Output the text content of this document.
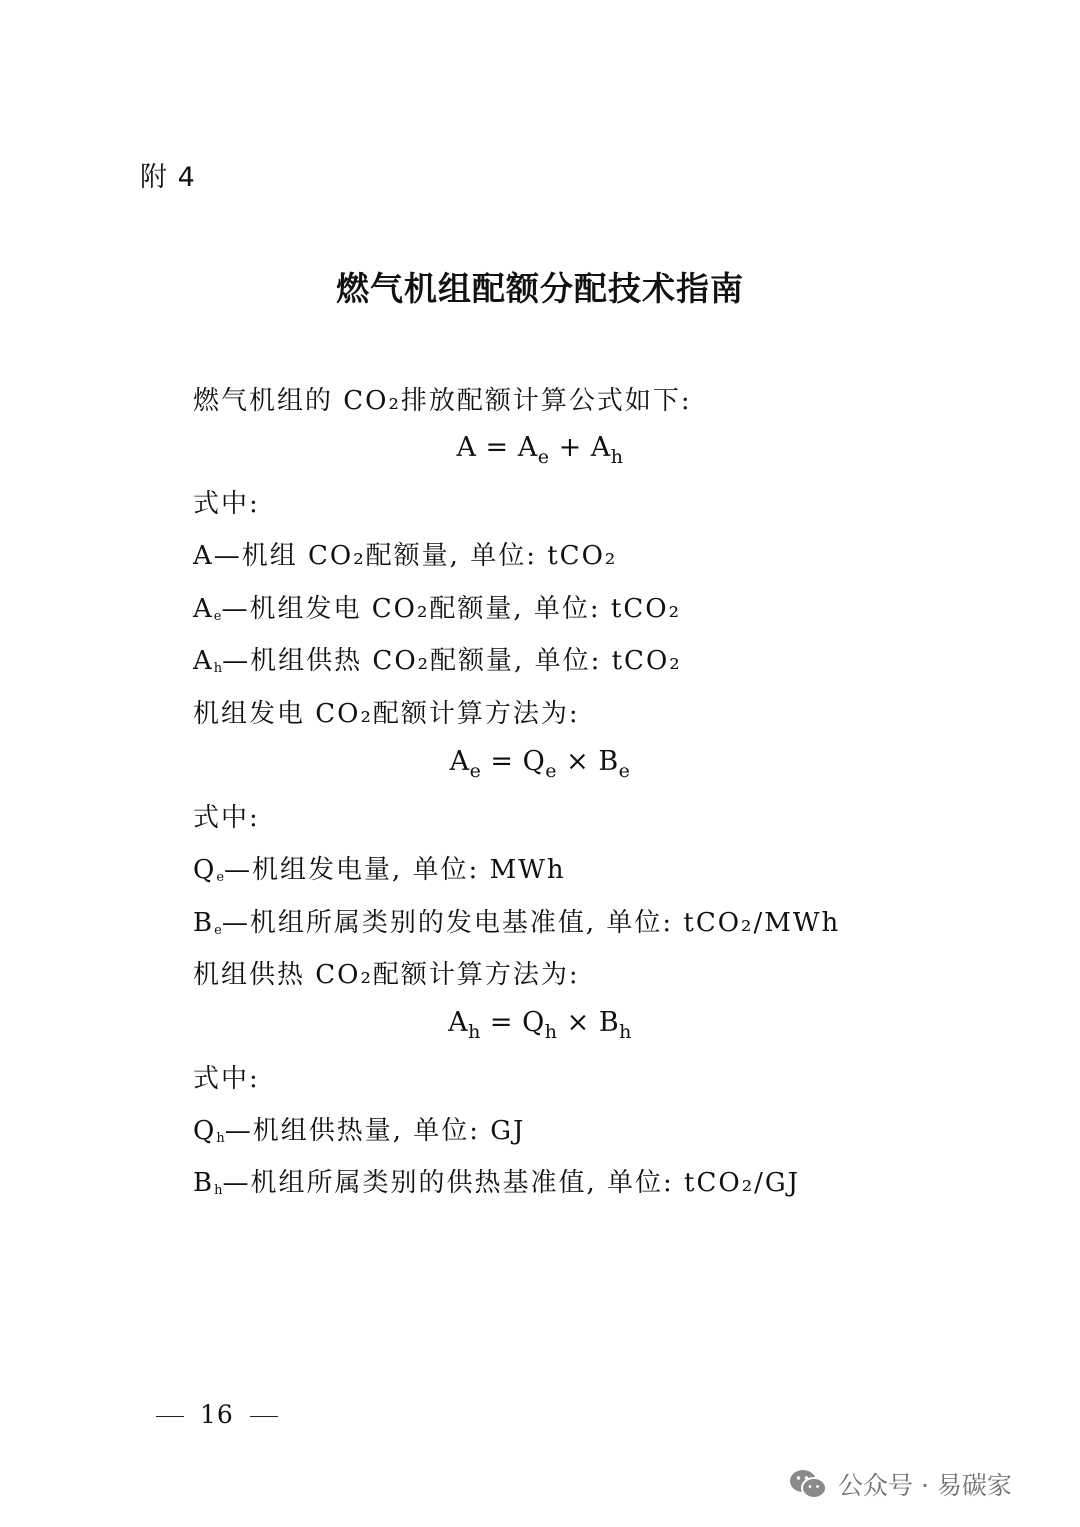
附 4
燃气机组配额分配技术指南
燃气机组的 CO₂排放配额计算公式如下:
$A = A_e + A_h$
式中:
A—机组 CO₂配额量, 单位: tCO₂
$A_e—$机组发电 CO₂配额量, 单位: tCO₂
$A_h—$机组供热 CO₂配额量, 单位: tCO₂
机组发电 CO₂配额计算方法为:
$A_e = Q_e \times B_e$
式中:
$Q_e—$机组发电量, 单位: MWh
$B_e—$机组所属类别的发电基准值, 单位: tCO₂/MWh
机组供热 CO₂配额计算方法为:
$A_h = Q_h \times B_h$
式中:
$Q_h—$机组供热量, 单位: GJ
$B_h—$机组所属类别的供热基准值, 单位: tCO₂/GJ
16
公众号 · 易碳家
